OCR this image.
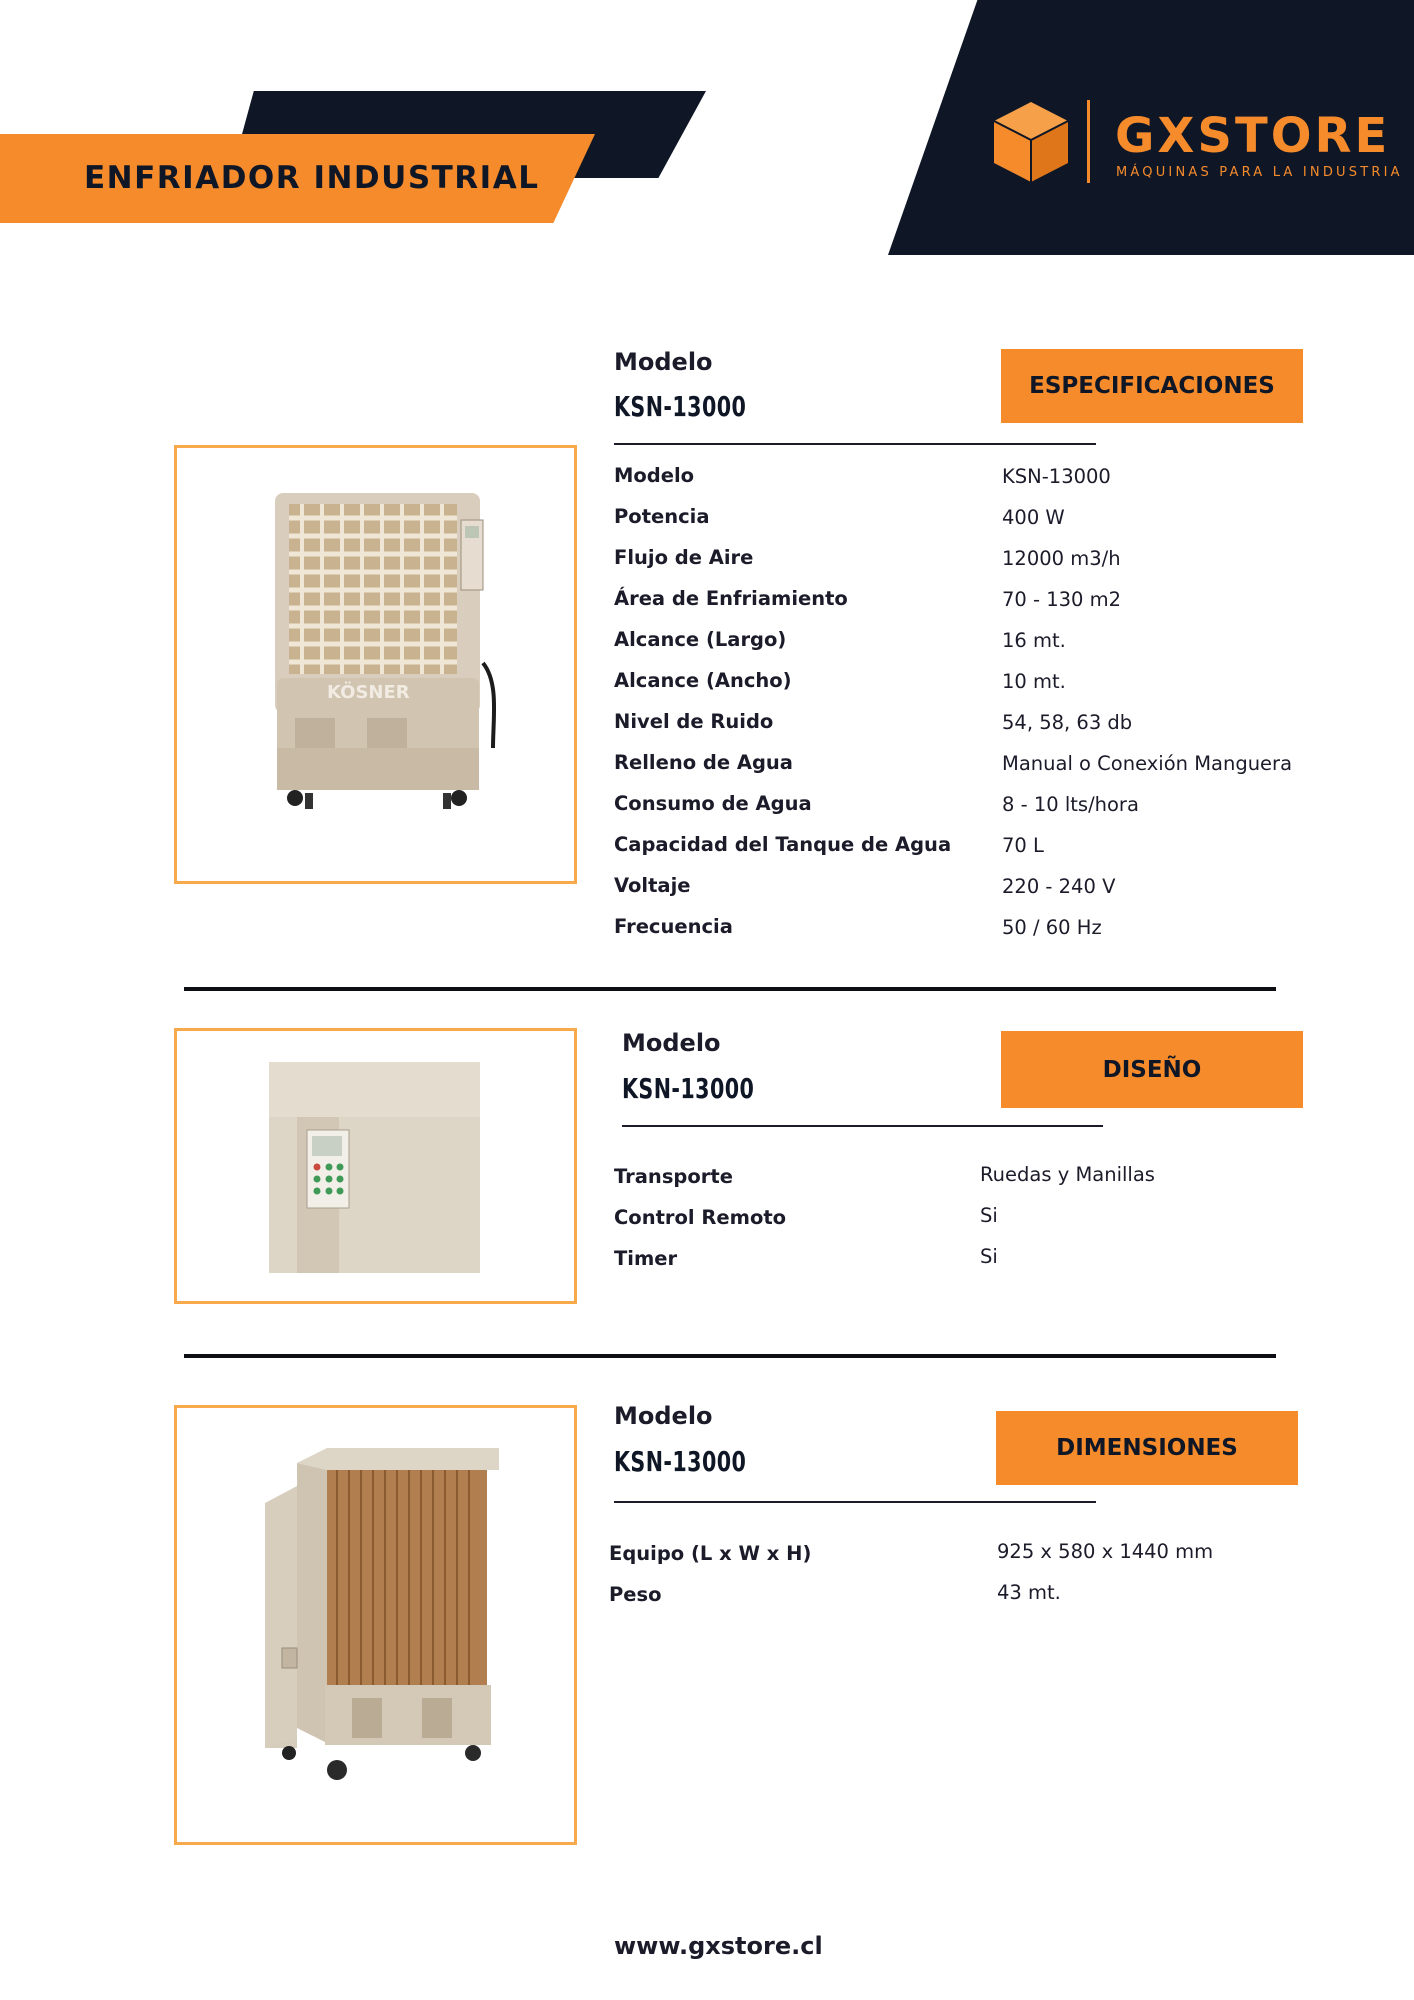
ENFRIADOR INDUSTRIAL
GXSTORE
MÁQUINAS PARA LA INDUSTRIA
Modelo
KSN-13000
ESPECIFICACIONES
KÖSNER
Modelo	KSN-13000
Potencia	400 W
Flujo de Aire	12000 m3/h
Área de Enfriamiento	70 - 130 m2
Alcance (Largo)	16 mt.
Alcance (Ancho)	10 mt.
Nivel de Ruido	54, 58, 63 db
Relleno de Agua	Manual o Conexión Manguera
Consumo de Agua	8 - 10 lts/hora
Capacidad del Tanque de Agua	70 L
Voltaje	220 - 240 V
Frecuencia	50 / 60 Hz
Modelo
KSN-13000
DISEÑO
Transporte	Ruedas y Manillas
Control Remoto	Si
Timer	Si
Modelo
KSN-13000	DIMENSIONES
Equipo (L x W x H)	925 x 580 x 1440 mm
Peso	43 mt.
www.gxstore.cl
